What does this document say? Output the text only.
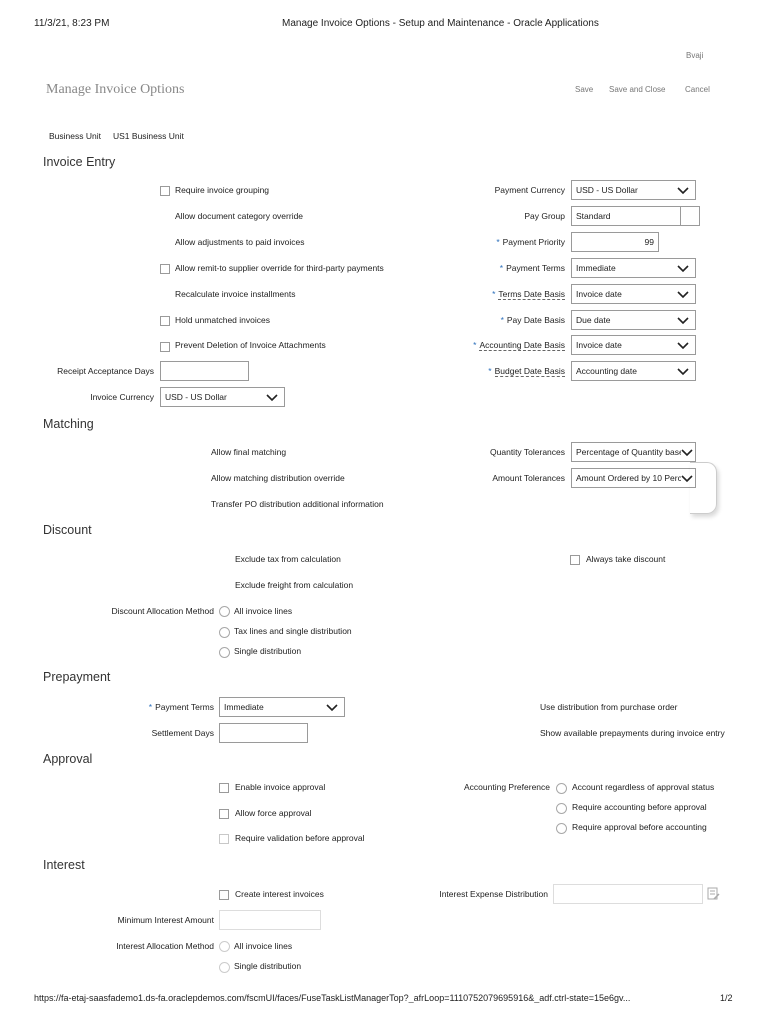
11/3/21, 8:23 PM	Manage Invoice Options - Setup and Maintenance - Oracle Applications
Bvaji
Manage Invoice Options	Save Save and Close Cancel
Business Unit US1 Business Unit
Invoice Entry
Require invoice grouping
Allow document category override
Allow adjustments to paid invoices
Allow remit-to supplier override for third-party payments
Recalculate invoice installments
Hold unmatched invoices
Prevent Deletion of Invoice Attachments
Receipt Acceptance Days
Invoice Currency	USD - US Dollar
Payment Currency	USD - US Dollar
Pay Group	Standard
* Payment Priority	99
* Payment Terms	Immediate
* Terms Date Basis	Invoice date
* Pay Date Basis	Due date
* Accounting Date Basis	Invoice date
* Budget Date Basis	Accounting date
Matching
Allow final matching
Allow matching distribution override
Transfer PO distribution additional information
Quantity Tolerances	Percentage of Quantity base
Amount Tolerances	Amount Ordered by 10 Perc
Discount
Exclude tax from calculation
Exclude freight from calculation
Always take discount
Discount Allocation Method All invoice lines
Tax lines and single distribution
Single distribution
Prepayment
* Payment Terms	Immediate
Settlement Days
Use distribution from purchase order
Show available prepayments during invoice entry
Approval
Enable invoice approval
Allow force approval
Require validation before approval
Accounting Preference	Account regardless of approval status
Require accounting before approval
Require approval before accounting
Interest
Create interest invoices	Interest Expense Distribution
Minimum Interest Amount
Interest Allocation Method All invoice lines
Single distribution
https://fa-etaj-saasfademo1.ds-fa.oraclepdemos.com/fscmUI/faces/FuseTaskListManagerTop?_afrLoop=1110752079695916&_adf.ctrl-state=15e6gv...	1/2
